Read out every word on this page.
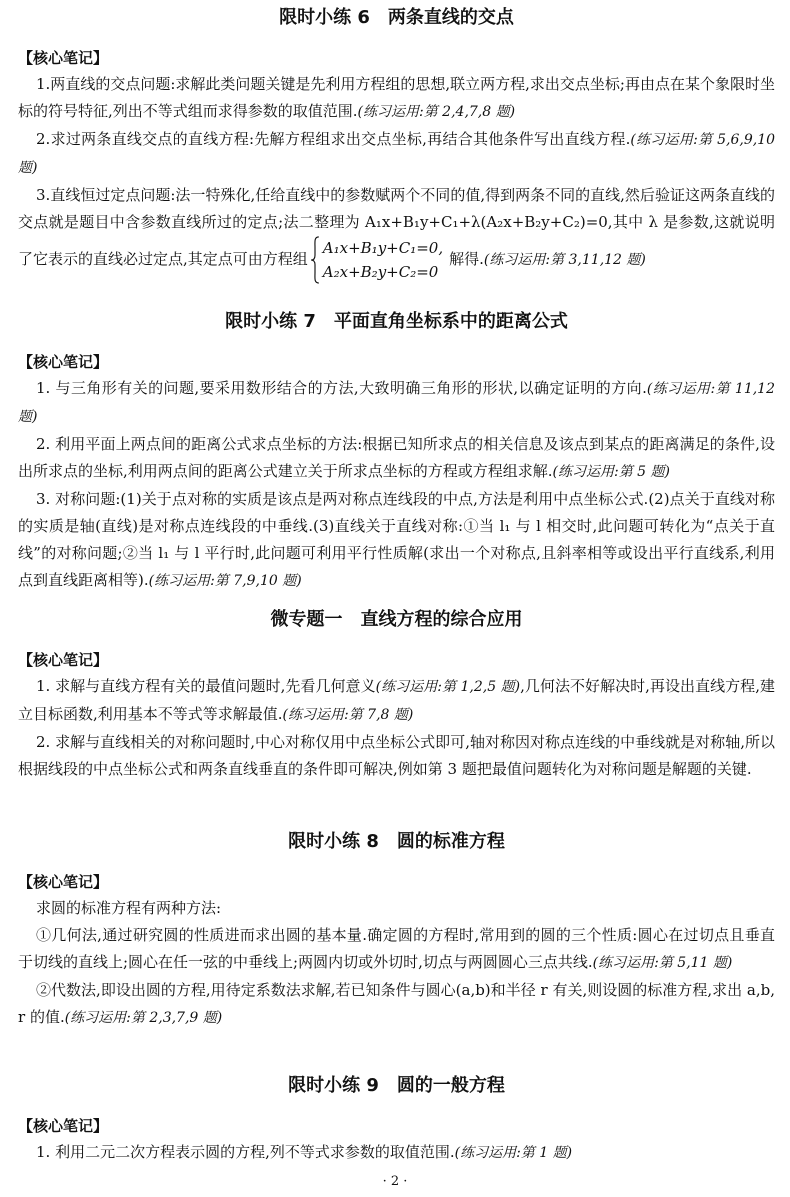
限时小练 6　两条直线的交点
【核心笔记】

1.两直线的交点问题:求解此类问题关键是先利用方程组的思想,联立两方程,求出交点坐标;再由点在某个象限时坐标的符号特征,列出不等式组而求得参数的取值范围.(练习运用:第 2,4,7,8 题)

2.求过两条直线交点的直线方程:先解方程组求出交点坐标,再结合其他条件写出直线方程.(练习运用:第 5,6,9,10 题)

3.直线恒过定点问题:法一特殊化,任给直线中的参数赋两个不同的值,得到两条不同的直线,然后验证这两条直线的交点就是题目中含参数直线所过的定点;法二整理为 A₁x+B₁y+C₁+λ(A₂x+B₂y+C₂)=0,其中 λ 是参数,这就说明了它表示的直线必过定点,其定点可由方程组
A₁x+B₁y+C₁=0,
A₂x+B₂y+C₂=0
解得.(练习运用:第 3,11,12 题)

限时小练 7　平面直角坐标系中的距离公式
【核心笔记】

1. 与三角形有关的问题,要采用数形结合的方法,大致明确三角形的形状,以确定证明的方向.(练习运用:第 11,12 题)

2. 利用平面上两点间的距离公式求点坐标的方法:根据已知所求点的相关信息及该点到某点的距离满足的条件,设出所求点的坐标,利用两点间的距离公式建立关于所求点坐标的方程或方程组求解.(练习运用:第 5 题)

3. 对称问题:(1)关于点对称的实质是该点是两对称点连线段的中点,方法是利用中点坐标公式.(2)点关于直线对称的实质是轴(直线)是对称点连线段的中垂线.(3)直线关于直线对称:①当 l₁ 与 l 相交时,此问题可转化为“点关于直线”的对称问题;②当 l₁ 与 l 平行时,此问题可利用平行性质解(求出一个对称点,且斜率相等或设出平行直线系,利用点到直线距离相等).(练习运用:第 7,9,10 题)

微专题一　直线方程的综合应用
【核心笔记】

1. 求解与直线方程有关的最值问题时,先看几何意义(练习运用:第 1,2,5 题),几何法不好解决时,再设出直线方程,建立目标函数,利用基本不等式等求解最值.(练习运用:第 7,8 题)

2. 求解与直线相关的对称问题时,中心对称仅用中点坐标公式即可,轴对称因对称点连线的中垂线就是对称轴,所以根据线段的中点坐标公式和两条直线垂直的条件即可解决,例如第 3 题把最值问题转化为对称问题是解题的关键.

限时小练 8　圆的标准方程
【核心笔记】

求圆的标准方程有两种方法:

①几何法,通过研究圆的性质进而求出圆的基本量.确定圆的方程时,常用到的圆的三个性质:圆心在过切点且垂直于切线的直线上;圆心在任一弦的中垂线上;两圆内切或外切时,切点与两圆圆心三点共线.(练习运用:第 5,11 题)

②代数法,即设出圆的方程,用待定系数法求解,若已知条件与圆心(a,b)和半径 r 有关,则设圆的标准方程,求出 a,b,r 的值.(练习运用:第 2,3,7,9 题)

限时小练 9　圆的一般方程
【核心笔记】

1. 利用二元二次方程表示圆的方程,列不等式求参数的取值范围.(练习运用:第 1 题)

· 2 ·
